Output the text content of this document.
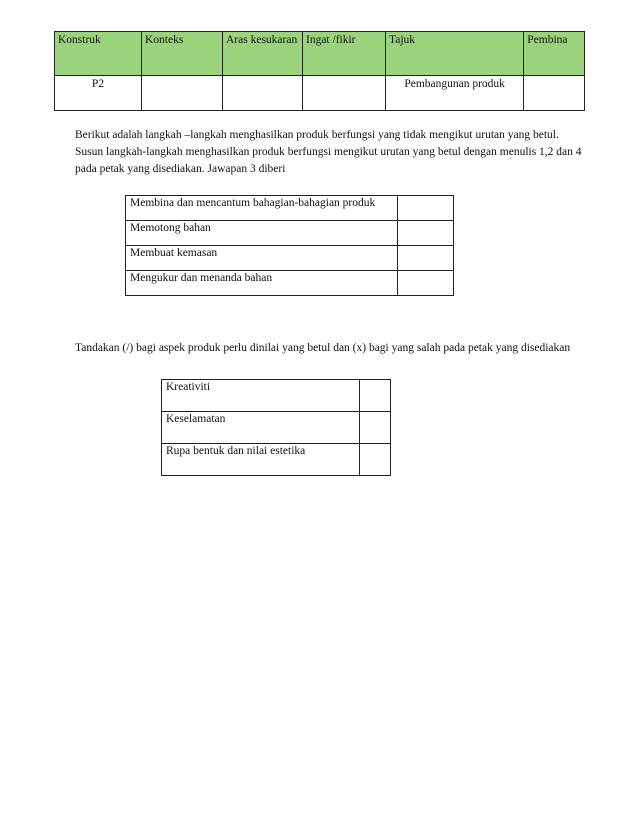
Konstruk	Konteks	Aras kesukaran	Ingat /fikir	Tajuk	Pembina
P2				Pembangunan produk	

Berikut adalah langkah –langkah menghasilkan produk berfungsi yang tidak mengikut urutan yang betul. Susun langkah-langkah menghasilkan produk berfungsi mengikut urutan yang betul dengan menulis 1,2 dan 4 pada petak yang disediakan. Jawapan 3 diberi

Membina dan mencantum bahagian-bahagian produk	
Memotong bahan	
Membuat kemasan	
Mengukur dan menanda bahan	

Tandakan (/) bagi aspek produk perlu dinilai yang betul dan (x) bagi yang salah pada petak yang disediakan

Kreativiti	
Keselamatan	
Rupa bentuk dan nilai estetika	
